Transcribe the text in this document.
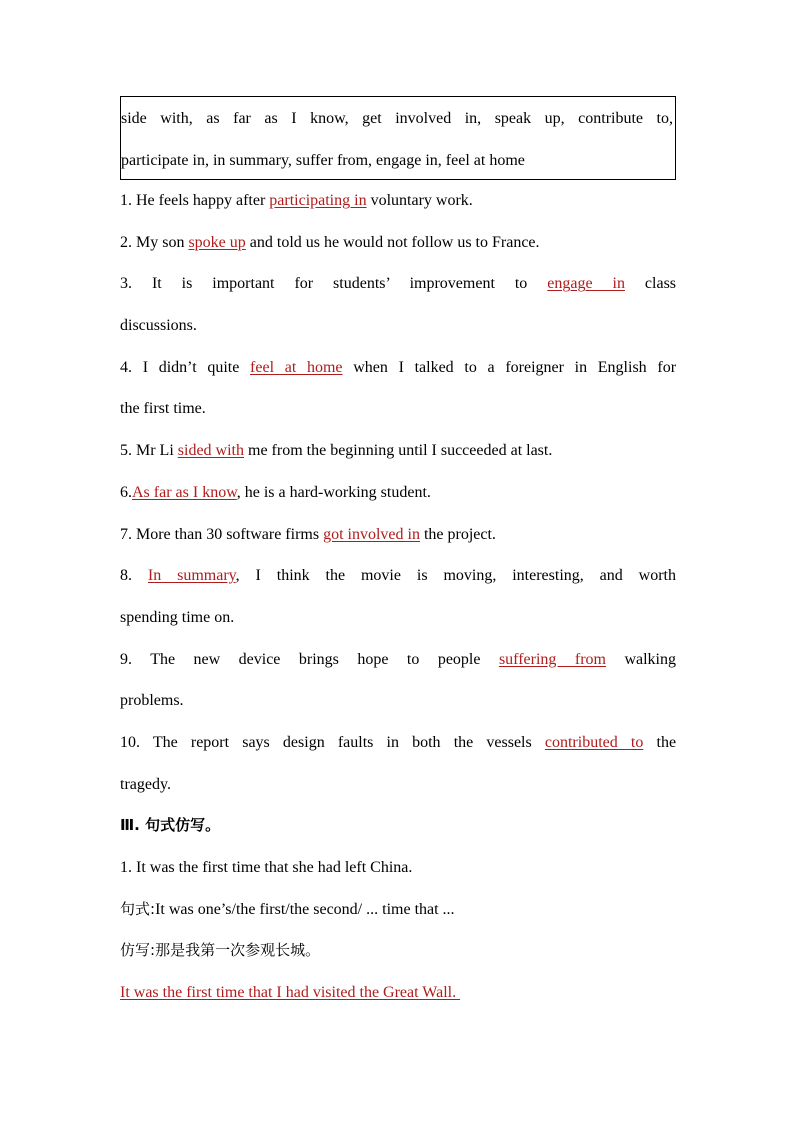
side with, as far as I know, get involved in, speak up, contribute to,
participate in, in summary, suffer from, engage in, feel at home
1. He feels happy after participating in voluntary work.
2. My son spoke up and told us he would not follow us to France.
3. It is important for students’ improvement to engage in class
discussions.
4. I didn’t quite feel at home when I talked to a foreigner in English for
the first time.
5. Mr Li sided with me from the beginning until I succeeded at last.
6.As far as I know, he is a hard-working student.
7. More than 30 software firms got involved in the project.
8. In summary, I think the movie is moving, interesting, and worth
spending time on.
9. The new device brings hope to people suffering from walking
problems.
10. The report says design faults in both the vessels contributed to the
tragedy.
Ⅲ. 句式仿写。
1. It was the first time that she had left China.
句式:It was one’s/the first/the second/ ... time that ...
仿写:那是我第一次参观长城。
It was the first time that I had visited the Great Wall.
